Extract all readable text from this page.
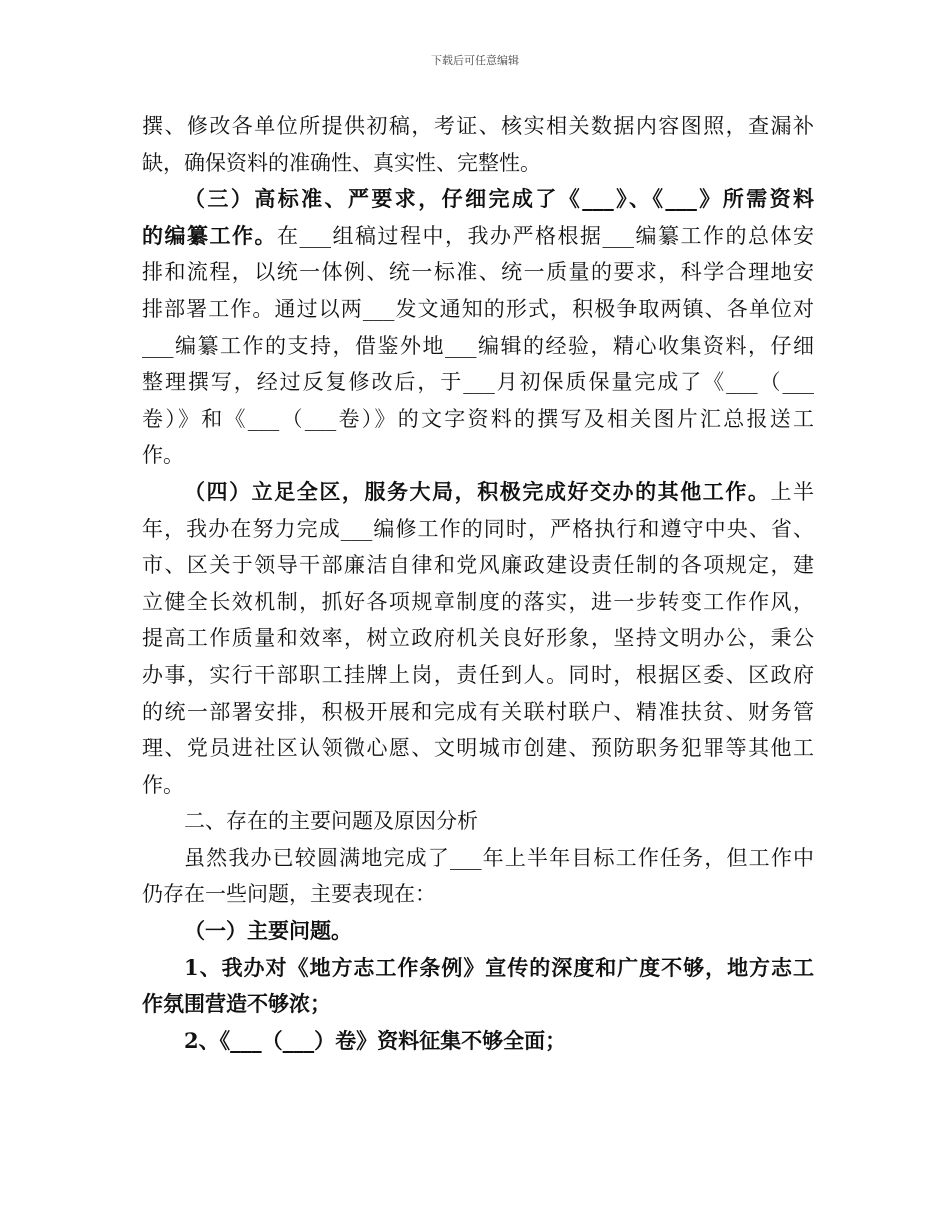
下载后可任意编辑
撰、修改各单位所提供初稿，考证、核实相关数据内容图照，查漏补
缺，确保资料的准确性、真实性、完整性。
（三）高标准、严要求，仔细完成了《___》、《___》所需资料
的编纂工作。在___组稿过程中，我办严格根据___编纂工作的总体安
排和流程，以统一体例、统一标准、统一质量的要求，科学合理地安
排部署工作。通过以两___发文通知的形式，积极争取两镇、各单位对
___编纂工作的支持，借鉴外地___编辑的经验，精心收集资料，仔细
整理撰写，经过反复修改后，于___月初保质保量完成了《___（___
卷）》和《___（___卷）》的文字资料的撰写及相关图片汇总报送工
作。
（四）立足全区，服务大局，积极完成好交办的其他工作。上半
年，我办在努力完成___编修工作的同时，严格执行和遵守中央、省、
市、区关于领导干部廉洁自律和党风廉政建设责任制的各项规定，建
立健全长效机制，抓好各项规章制度的落实，进一步转变工作作风，
提高工作质量和效率，树立政府机关良好形象，坚持文明办公，秉公
办事，实行干部职工挂牌上岗，责任到人。同时，根据区委、区政府
的统一部署安排，积极开展和完成有关联村联户、精准扶贫、财务管
理、党员进社区认领微心愿、文明城市创建、预防职务犯罪等其他工
作。
二、存在的主要问题及原因分析
虽然我办已较圆满地完成了___年上半年目标工作任务，但工作中
仍存在一些问题，主要表现在：
（一）主要问题。
1、我办对《地方志工作条例》宣传的深度和广度不够，地方志工
作氛围营造不够浓；
2、《___（___）卷》资料征集不够全面；
